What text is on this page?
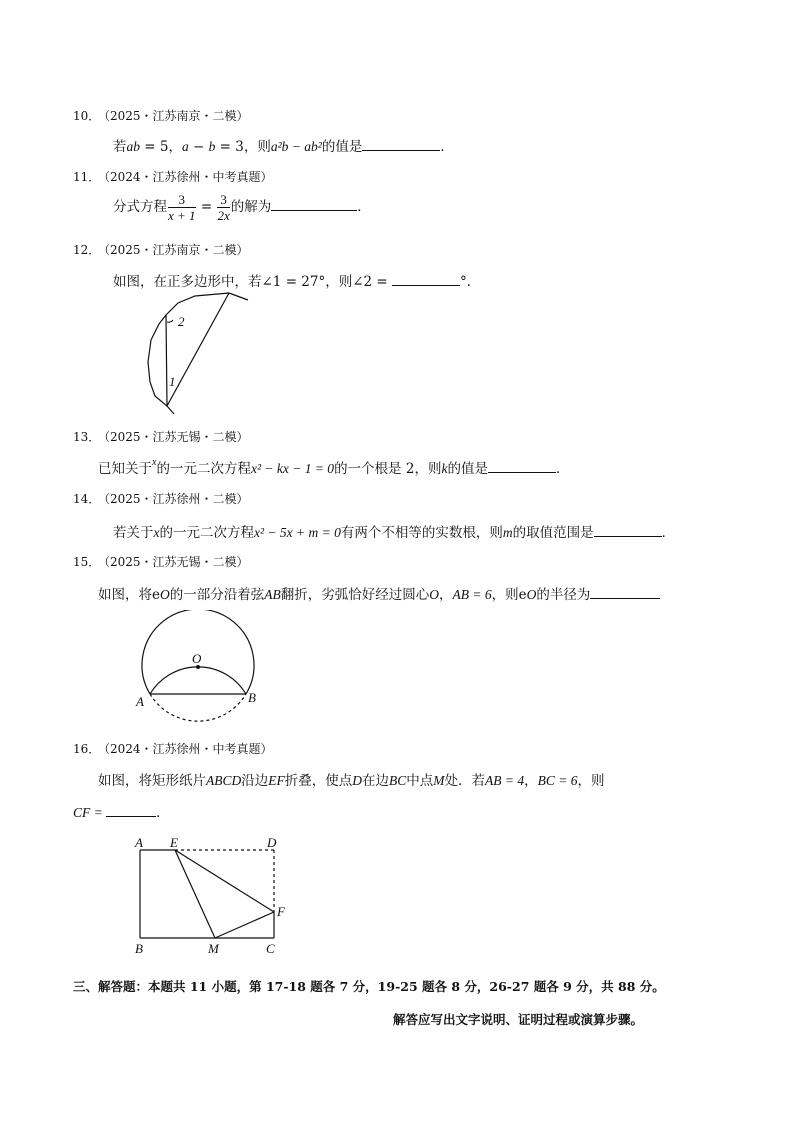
10．
（2025・江苏南京・二模）
若ab = 5，a − b = 3，则a²b − ab²的值是	．
11．
（2024・江苏徐州・中考真题）
分式方程 $\frac{3}{x + 1} = \frac{3}{2x}$ 的解为	．
12．
（2025・江苏南京・二模）
如图，在正多边形中，若∠1 = 27°，则∠2 =	°．
2
1
13．
（2025・江苏无锡・二模）
已知关于$^x$的一元二次方程x² − kx − 1 = 0的一个根是 2，则k的值是	．
14．
（2025・江苏徐州・二模）
若关于x的一元二次方程x² − 5x + m = 0有两个不相等的实数根，则m的取值范围是	．
15．
（2025・江苏无锡・二模）
如图，将eO的一部分沿着弦AB翻折，劣弧恰好经过圆心O，AB = 6，则eO的半径为
O
A	B
16．
（2024・江苏徐州・中考真题）
如图，将矩形纸片ABCD沿边EF折叠，使点D在边BC中点M处．若AB = 4，BC = 6，则
CF =	．
A E	D
F
B	M	C
三、解答题：本题共 11 小题，第 17-18 题各 7 分，19-25 题各 8 分，26-27 题各 9 分，共 88 分。
解答应写出文字说明、证明过程或演算步骤。
